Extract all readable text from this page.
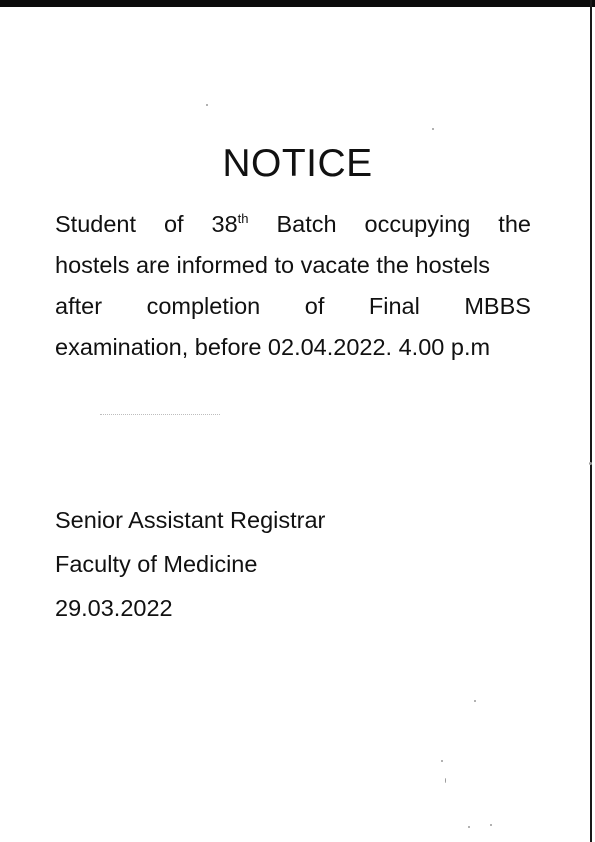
NOTICE
Student of 38th Batch occupying the
hostels are informed to vacate the hostels
after completion of Final MBBS
examination, before 02.04.2022. 4.00 p.m
Senior Assistant Registrar
Faculty of Medicine
29.03.2022
